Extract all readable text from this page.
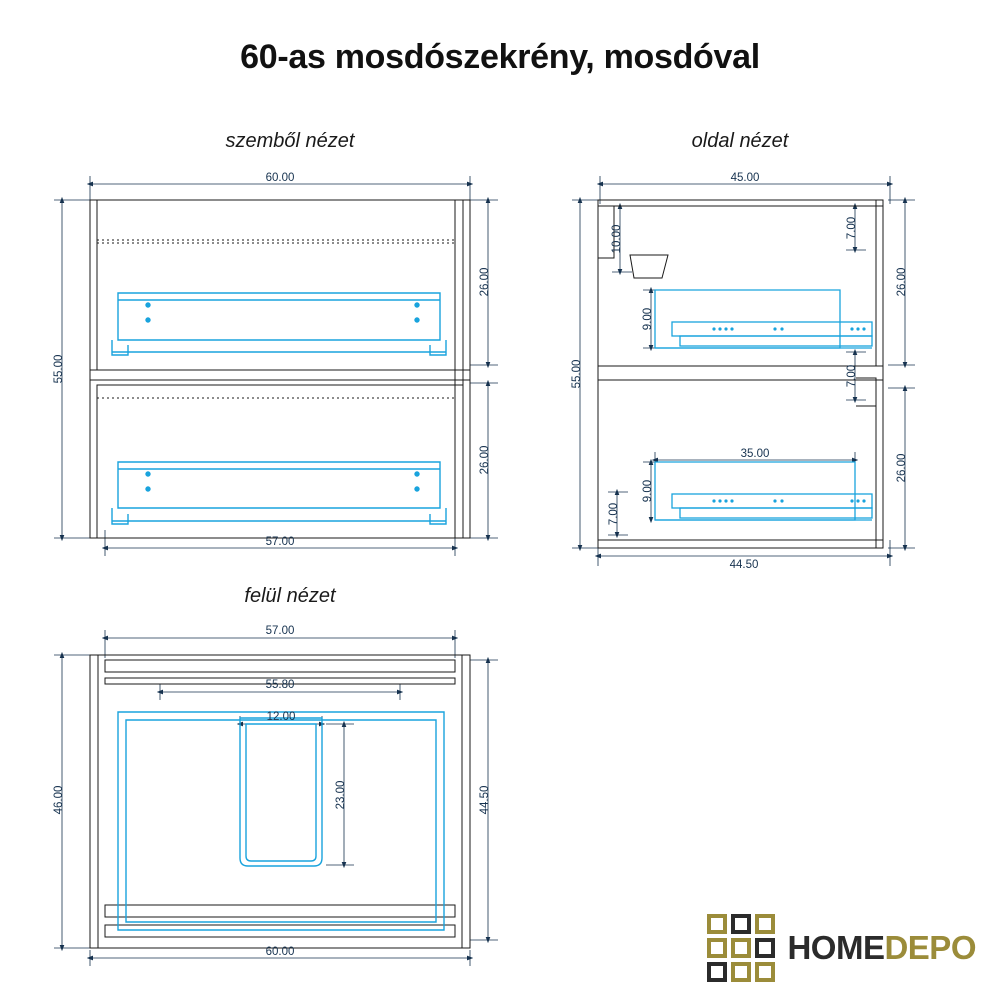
60-as mosdószekrény, mosdóval
szemből nézet	oldal nézet
felül nézet
60.00
57.00
55.00
26.00
26.00
45.00
44.50
55.00
26.00
26.00
10.00	7.00
9.00
7.00
35.00
9.00
7.00
57.00
55.80
12.00
60.00
46.00	44.50
23.00
HOMEDEPO
